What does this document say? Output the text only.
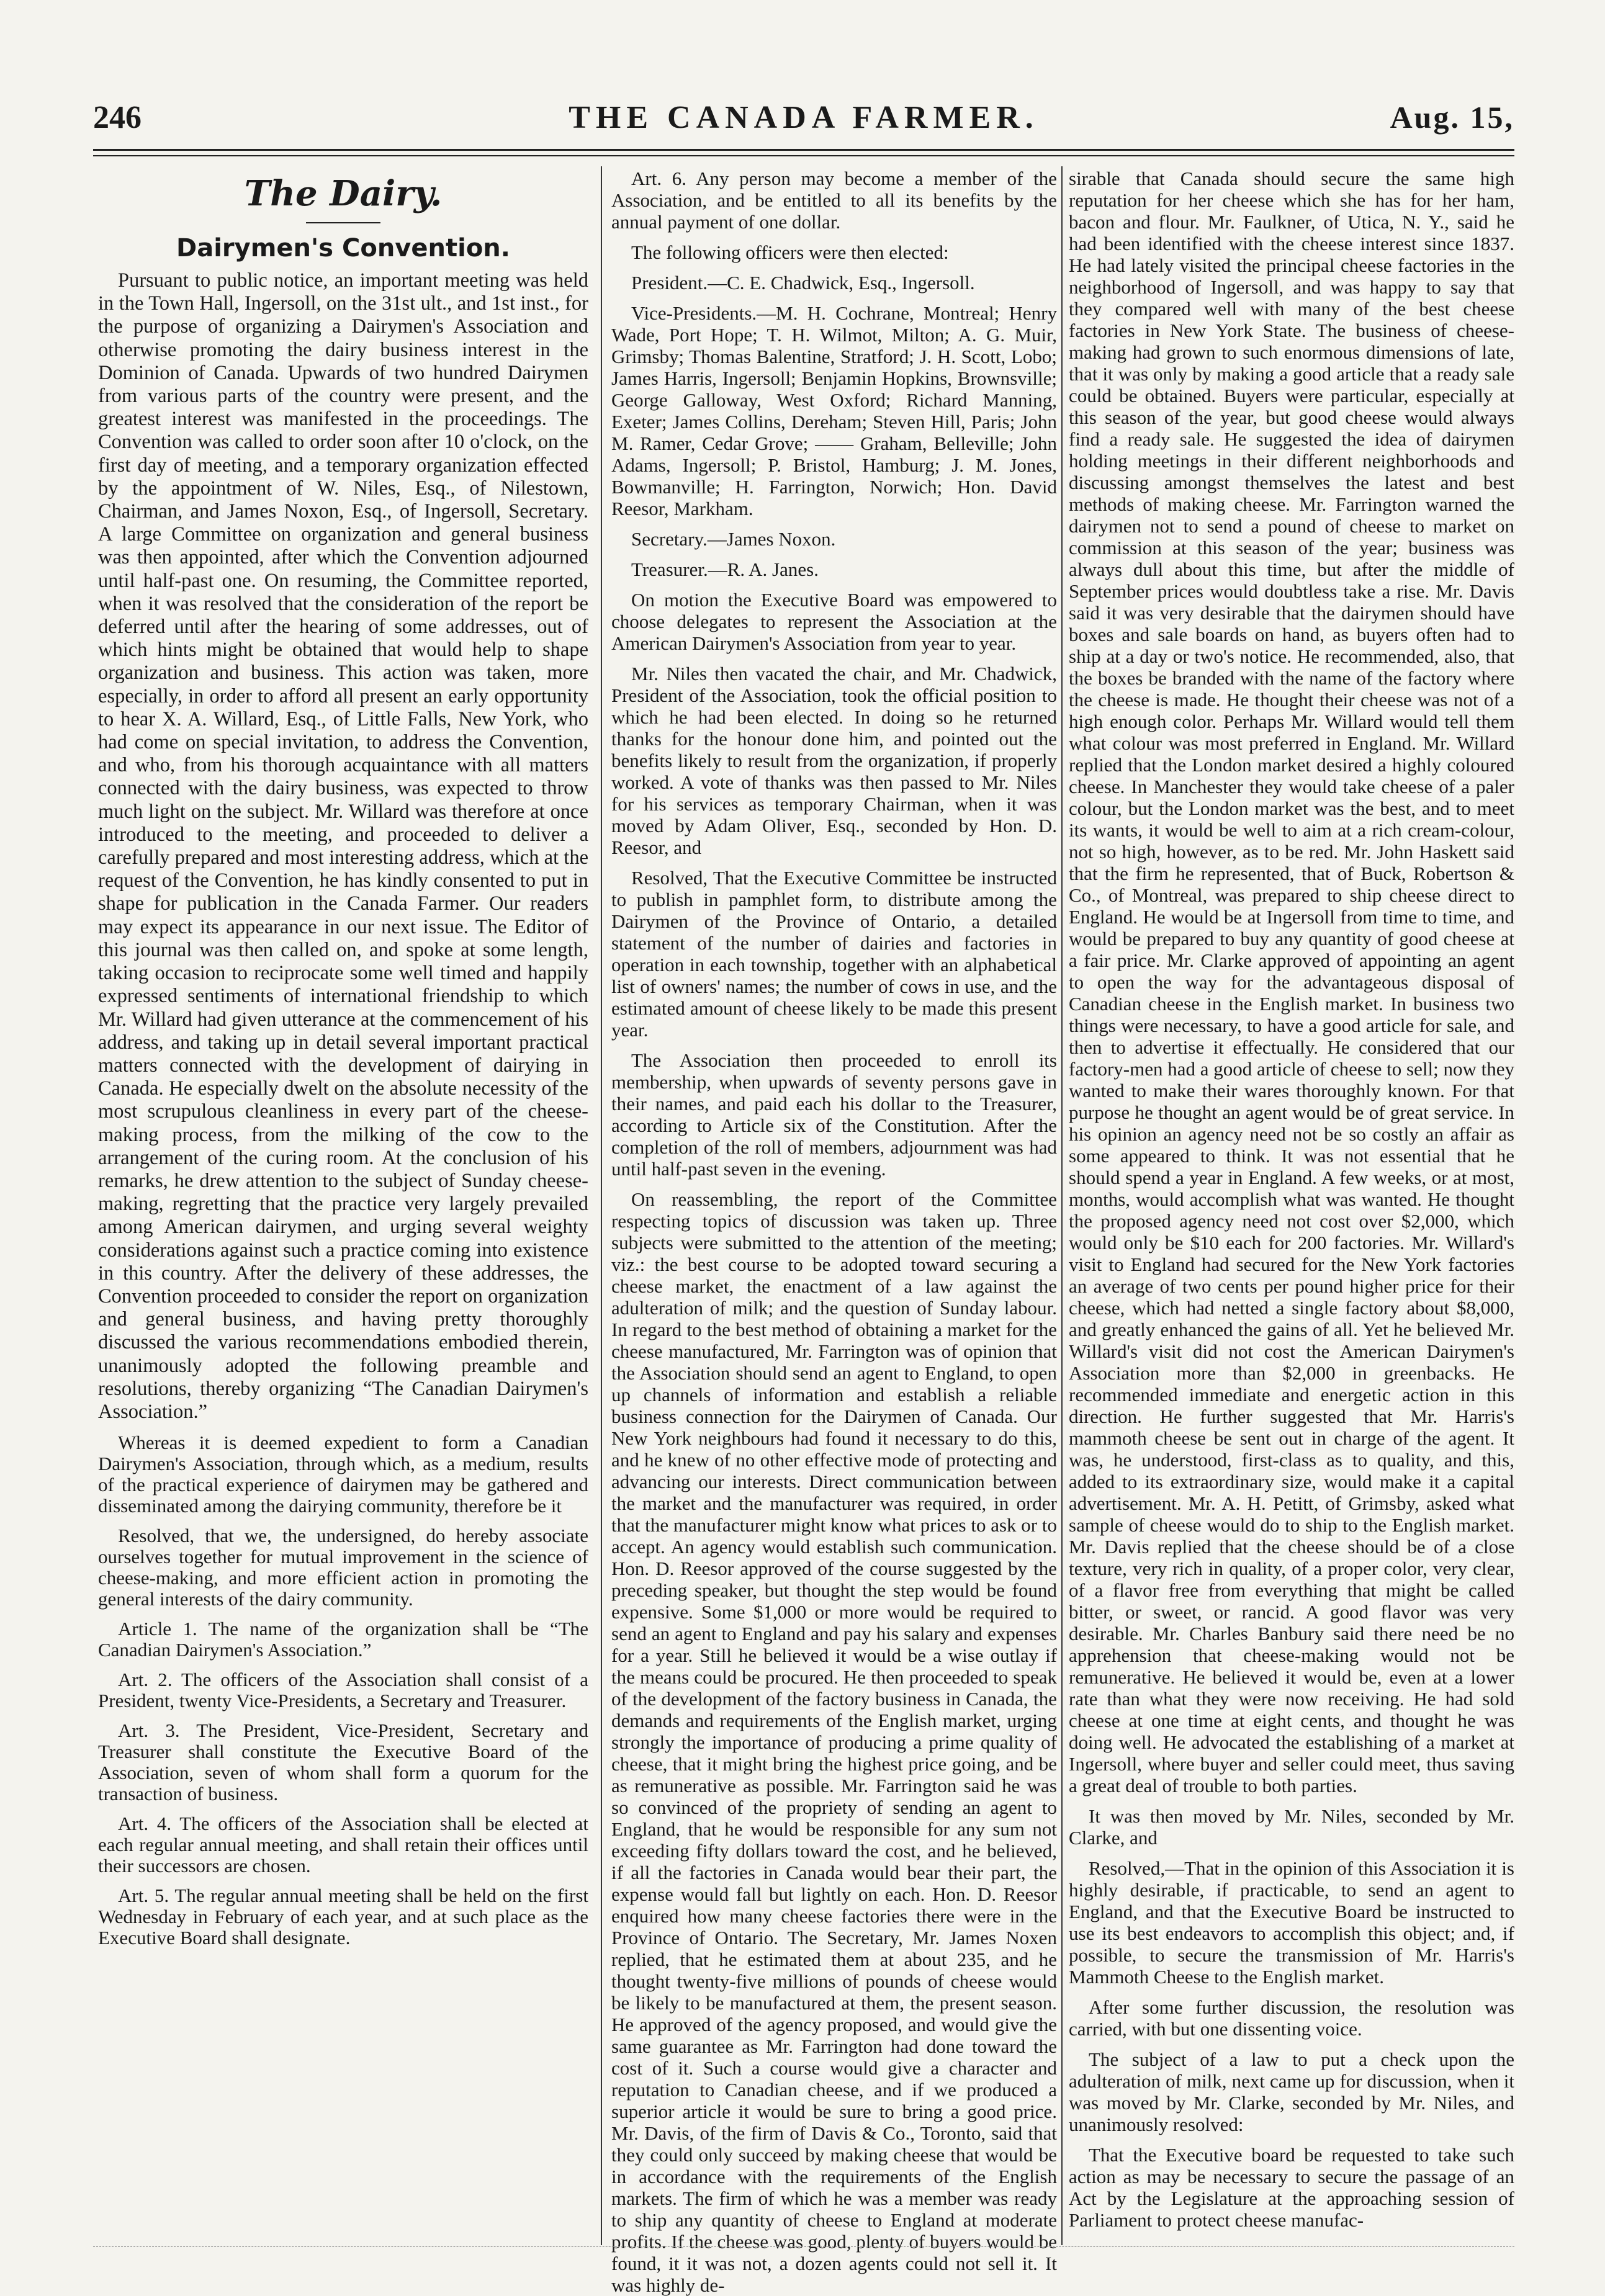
246	THE CANADA FARMER.	Aug. 15,
The Dairy.
Dairymen's Convention.

Pursuant to public notice, an important meeting was held in the Town Hall, Ingersoll, on the 31st ult., and 1st inst., for the purpose of organizing a Dairymen's Association and otherwise promoting the dairy business interest in the Dominion of Canada. Upwards of two hundred Dairymen from various parts of the country were present, and the greatest interest was manifested in the proceedings. The Convention was called to order soon after 10 o'clock, on the first day of meeting, and a temporary organization effected by the appointment of W. Niles, Esq., of Nilestown, Chairman, and James Noxon, Esq., of Ingersoll, Secretary. A large Committee on organization and general business was then appointed, after which the Convention adjourned until half-past one. On resuming, the Committee reported, when it was resolved that the consideration of the report be deferred until after the hearing of some addresses, out of which hints might be obtained that would help to shape organization and business. This action was taken, more especially, in order to afford all present an early opportunity to hear X. A. Willard, Esq., of Little Falls, New York, who had come on special invitation, to address the Convention, and who, from his thorough acquaintance with all matters connected with the dairy business, was expected to throw much light on the subject. Mr. Willard was therefore at once introduced to the meeting, and proceeded to deliver a carefully prepared and most interesting address, which at the request of the Convention, he has kindly consented to put in shape for publication in the Canada Farmer. Our readers may expect its appearance in our next issue. The Editor of this journal was then called on, and spoke at some length, taking occasion to reciprocate some well timed and happily expressed sentiments of international friendship to which Mr. Willard had given utterance at the commencement of his address, and taking up in detail several important practical matters connected with the development of dairying in Canada. He especially dwelt on the absolute necessity of the most scrupulous cleanliness in every part of the cheese-making process, from the milking of the cow to the arrangement of the curing room. At the conclusion of his remarks, he drew attention to the subject of Sunday cheese-making, regretting that the practice very largely prevailed among American dairymen, and urging several weighty considerations against such a practice coming into existence in this country. After the delivery of these addresses, the Convention proceeded to consider the report on organization and general business, and having pretty thoroughly discussed the various recommendations embodied therein, unanimously adopted the following preamble and resolutions, thereby organizing “The Canadian Dairymen's Association.”

Whereas it is deemed expedient to form a Canadian Dairymen's Association, through which, as a medium, results of the practical experience of dairymen may be gathered and disseminated among the dairying community, therefore be it

Resolved, that we, the undersigned, do hereby associate ourselves together for mutual improvement in the science of cheese-making, and more efficient action in promoting the general interests of the dairy community.

Article 1. The name of the organization shall be “The Canadian Dairymen's Association.”

Art. 2. The officers of the Association shall consist of a President, twenty Vice-Presidents, a Secretary and Treasurer.

Art. 3. The President, Vice-President, Secretary and Treasurer shall constitute the Executive Board of the Association, seven of whom shall form a quorum for the transaction of business.

Art. 4. The officers of the Association shall be elected at each regular annual meeting, and shall retain their offices until their successors are chosen.

Art. 5. The regular annual meeting shall be held on the first Wednesday in February of each year, and at such place as the Executive Board shall designate.

Art. 6. Any person may become a member of the Association, and be entitled to all its benefits by the annual payment of one dollar.

The following officers were then elected:

President.—C. E. Chadwick, Esq., Ingersoll.

Vice-Presidents.—M. H. Cochrane, Montreal; Henry Wade, Port Hope; T. H. Wilmot, Milton; A. G. Muir, Grimsby; Thomas Balentine, Stratford; J. H. Scott, Lobo; James Harris, Ingersoll; Benjamin Hopkins, Brownsville; George Galloway, West Oxford; Richard Manning, Exeter; James Collins, Dereham; Steven Hill, Paris; John M. Ramer, Cedar Grove; —— Graham, Belleville; John Adams, Ingersoll; P. Bristol, Hamburg; J. M. Jones, Bowmanville; H. Farrington, Norwich; Hon. David Reesor, Markham.

Secretary.—James Noxon.

Treasurer.—R. A. Janes.

On motion the Executive Board was empowered to choose delegates to represent the Association at the American Dairymen's Association from year to year.

Mr. Niles then vacated the chair, and Mr. Chadwick, President of the Association, took the official position to which he had been elected. In doing so he returned thanks for the honour done him, and pointed out the benefits likely to result from the organization, if properly worked. A vote of thanks was then passed to Mr. Niles for his services as temporary Chairman, when it was moved by Adam Oliver, Esq., seconded by Hon. D. Reesor, and

Resolved, That the Executive Committee be instructed to publish in pamphlet form, to distribute among the Dairymen of the Province of Ontario, a detailed statement of the number of dairies and factories in operation in each township, together with an alphabetical list of owners' names; the number of cows in use, and the estimated amount of cheese likely to be made this present year.

The Association then proceeded to enroll its membership, when upwards of seventy persons gave in their names, and paid each his dollar to the Treasurer, according to Article six of the Constitution. After the completion of the roll of members, adjournment was had until half-past seven in the evening.

On reassembling, the report of the Committee respecting topics of discussion was taken up. Three subjects were submitted to the attention of the meeting; viz.: the best course to be adopted toward securing a cheese market, the enactment of a law against the adulteration of milk; and the question of Sunday labour. In regard to the best method of obtaining a market for the cheese manufactured, Mr. Farrington was of opinion that the Association should send an agent to England, to open up channels of information and establish a reliable business connection for the Dairymen of Canada. Our New York neighbours had found it necessary to do this, and he knew of no other effective mode of protecting and advancing our interests. Direct communication between the market and the manufacturer was required, in order that the manufacturer might know what prices to ask or to accept. An agency would establish such communication. Hon. D. Reesor approved of the course suggested by the preceding speaker, but thought the step would be found expensive. Some $1,000 or more would be required to send an agent to England and pay his salary and expenses for a year. Still he believed it would be a wise outlay if the means could be procured. He then proceeded to speak of the development of the factory business in Canada, the demands and requirements of the English market, urging strongly the importance of producing a prime quality of cheese, that it might bring the highest price going, and be as remunerative as possible. Mr. Farrington said he was so convinced of the propriety of sending an agent to England, that he would be responsible for any sum not exceeding fifty dollars toward the cost, and he believed, if all the factories in Canada would bear their part, the expense would fall but lightly on each. Hon. D. Reesor enquired how many cheese factories there were in the Province of Ontario. The Secretary, Mr. James Noxen replied, that he estimated them at about 235, and he thought twenty-five millions of pounds of cheese would be likely to be manufactured at them, the present season. He approved of the agency proposed, and would give the same guarantee as Mr. Farrington had done toward the cost of it. Such a course would give a character and reputation to Canadian cheese, and if we produced a superior article it would be sure to bring a good price. Mr. Davis, of the firm of Davis & Co., Toronto, said that they could only succeed by making cheese that would be in accordance with the requirements of the English markets. The firm of which he was a member was ready to ship any quantity of cheese to England at moderate profits. If the cheese was good, plenty of buyers would be found, it it was not, a dozen agents could not sell it. It was highly de-

sirable that Canada should secure the same high reputation for her cheese which she has for her ham, bacon and flour. Mr. Faulkner, of Utica, N. Y., said he had been identified with the cheese interest since 1837. He had lately visited the principal cheese factories in the neighborhood of Ingersoll, and was happy to say that they compared well with many of the best cheese factories in New York State. The business of cheese-making had grown to such enormous dimensions of late, that it was only by making a good article that a ready sale could be obtained. Buyers were particular, especially at this season of the year, but good cheese would always find a ready sale. He suggested the idea of dairymen holding meetings in their different neighborhoods and discussing amongst themselves the latest and best methods of making cheese. Mr. Farrington warned the dairymen not to send a pound of cheese to market on commission at this season of the year; business was always dull about this time, but after the middle of September prices would doubtless take a rise. Mr. Davis said it was very desirable that the dairymen should have boxes and sale boards on hand, as buyers often had to ship at a day or two's notice. He recommended, also, that the boxes be branded with the name of the factory where the cheese is made. He thought their cheese was not of a high enough color. Perhaps Mr. Willard would tell them what colour was most preferred in England. Mr. Willard replied that the London market desired a highly coloured cheese. In Manchester they would take cheese of a paler colour, but the London market was the best, and to meet its wants, it would be well to aim at a rich cream-colour, not so high, however, as to be red. Mr. John Haskett said that the firm he represented, that of Buck, Robertson & Co., of Montreal, was prepared to ship cheese direct to England. He would be at Ingersoll from time to time, and would be prepared to buy any quantity of good cheese at a fair price. Mr. Clarke approved of appointing an agent to open the way for the advantageous disposal of Canadian cheese in the English market. In business two things were necessary, to have a good article for sale, and then to advertise it effectually. He considered that our factory-men had a good article of cheese to sell; now they wanted to make their wares thoroughly known. For that purpose he thought an agent would be of great service. In his opinion an agency need not be so costly an affair as some appeared to think. It was not essential that he should spend a year in England. A few weeks, or at most, months, would accomplish what was wanted. He thought the proposed agency need not cost over $2,000, which would only be $10 each for 200 factories. Mr. Willard's visit to England had secured for the New York factories an average of two cents per pound higher price for their cheese, which had netted a single factory about $8,000, and greatly enhanced the gains of all. Yet he believed Mr. Willard's visit did not cost the American Dairymen's Association more than $2,000 in greenbacks. He recommended immediate and energetic action in this direction. He further suggested that Mr. Harris's mammoth cheese be sent out in charge of the agent. It was, he understood, first-class as to quality, and this, added to its extraordinary size, would make it a capital advertisement. Mr. A. H. Petitt, of Grimsby, asked what sample of cheese would do to ship to the English market. Mr. Davis replied that the cheese should be of a close texture, very rich in quality, of a proper color, very clear, of a flavor free from everything that might be called bitter, or sweet, or rancid. A good flavor was very desirable. Mr. Charles Banbury said there need be no apprehension that cheese-making would not be remunerative. He believed it would be, even at a lower rate than what they were now receiving. He had sold cheese at one time at eight cents, and thought he was doing well. He advocated the establishing of a market at Ingersoll, where buyer and seller could meet, thus saving a great deal of trouble to both parties.

It was then moved by Mr. Niles, seconded by Mr. Clarke, and

Resolved,—That in the opinion of this Association it is highly desirable, if practicable, to send an agent to England, and that the Executive Board be instructed to use its best endeavors to accomplish this object; and, if possible, to secure the transmission of Mr. Harris's Mammoth Cheese to the English market.

After some further discussion, the resolution was carried, with but one dissenting voice.

The subject of a law to put a check upon the adulteration of milk, next came up for discussion, when it was moved by Mr. Clarke, seconded by Mr. Niles, and unanimously resolved:

That the Executive board be requested to take such action as may be necessary to secure the passage of an Act by the Legislature at the approaching session of Parliament to protect cheese manufac-
